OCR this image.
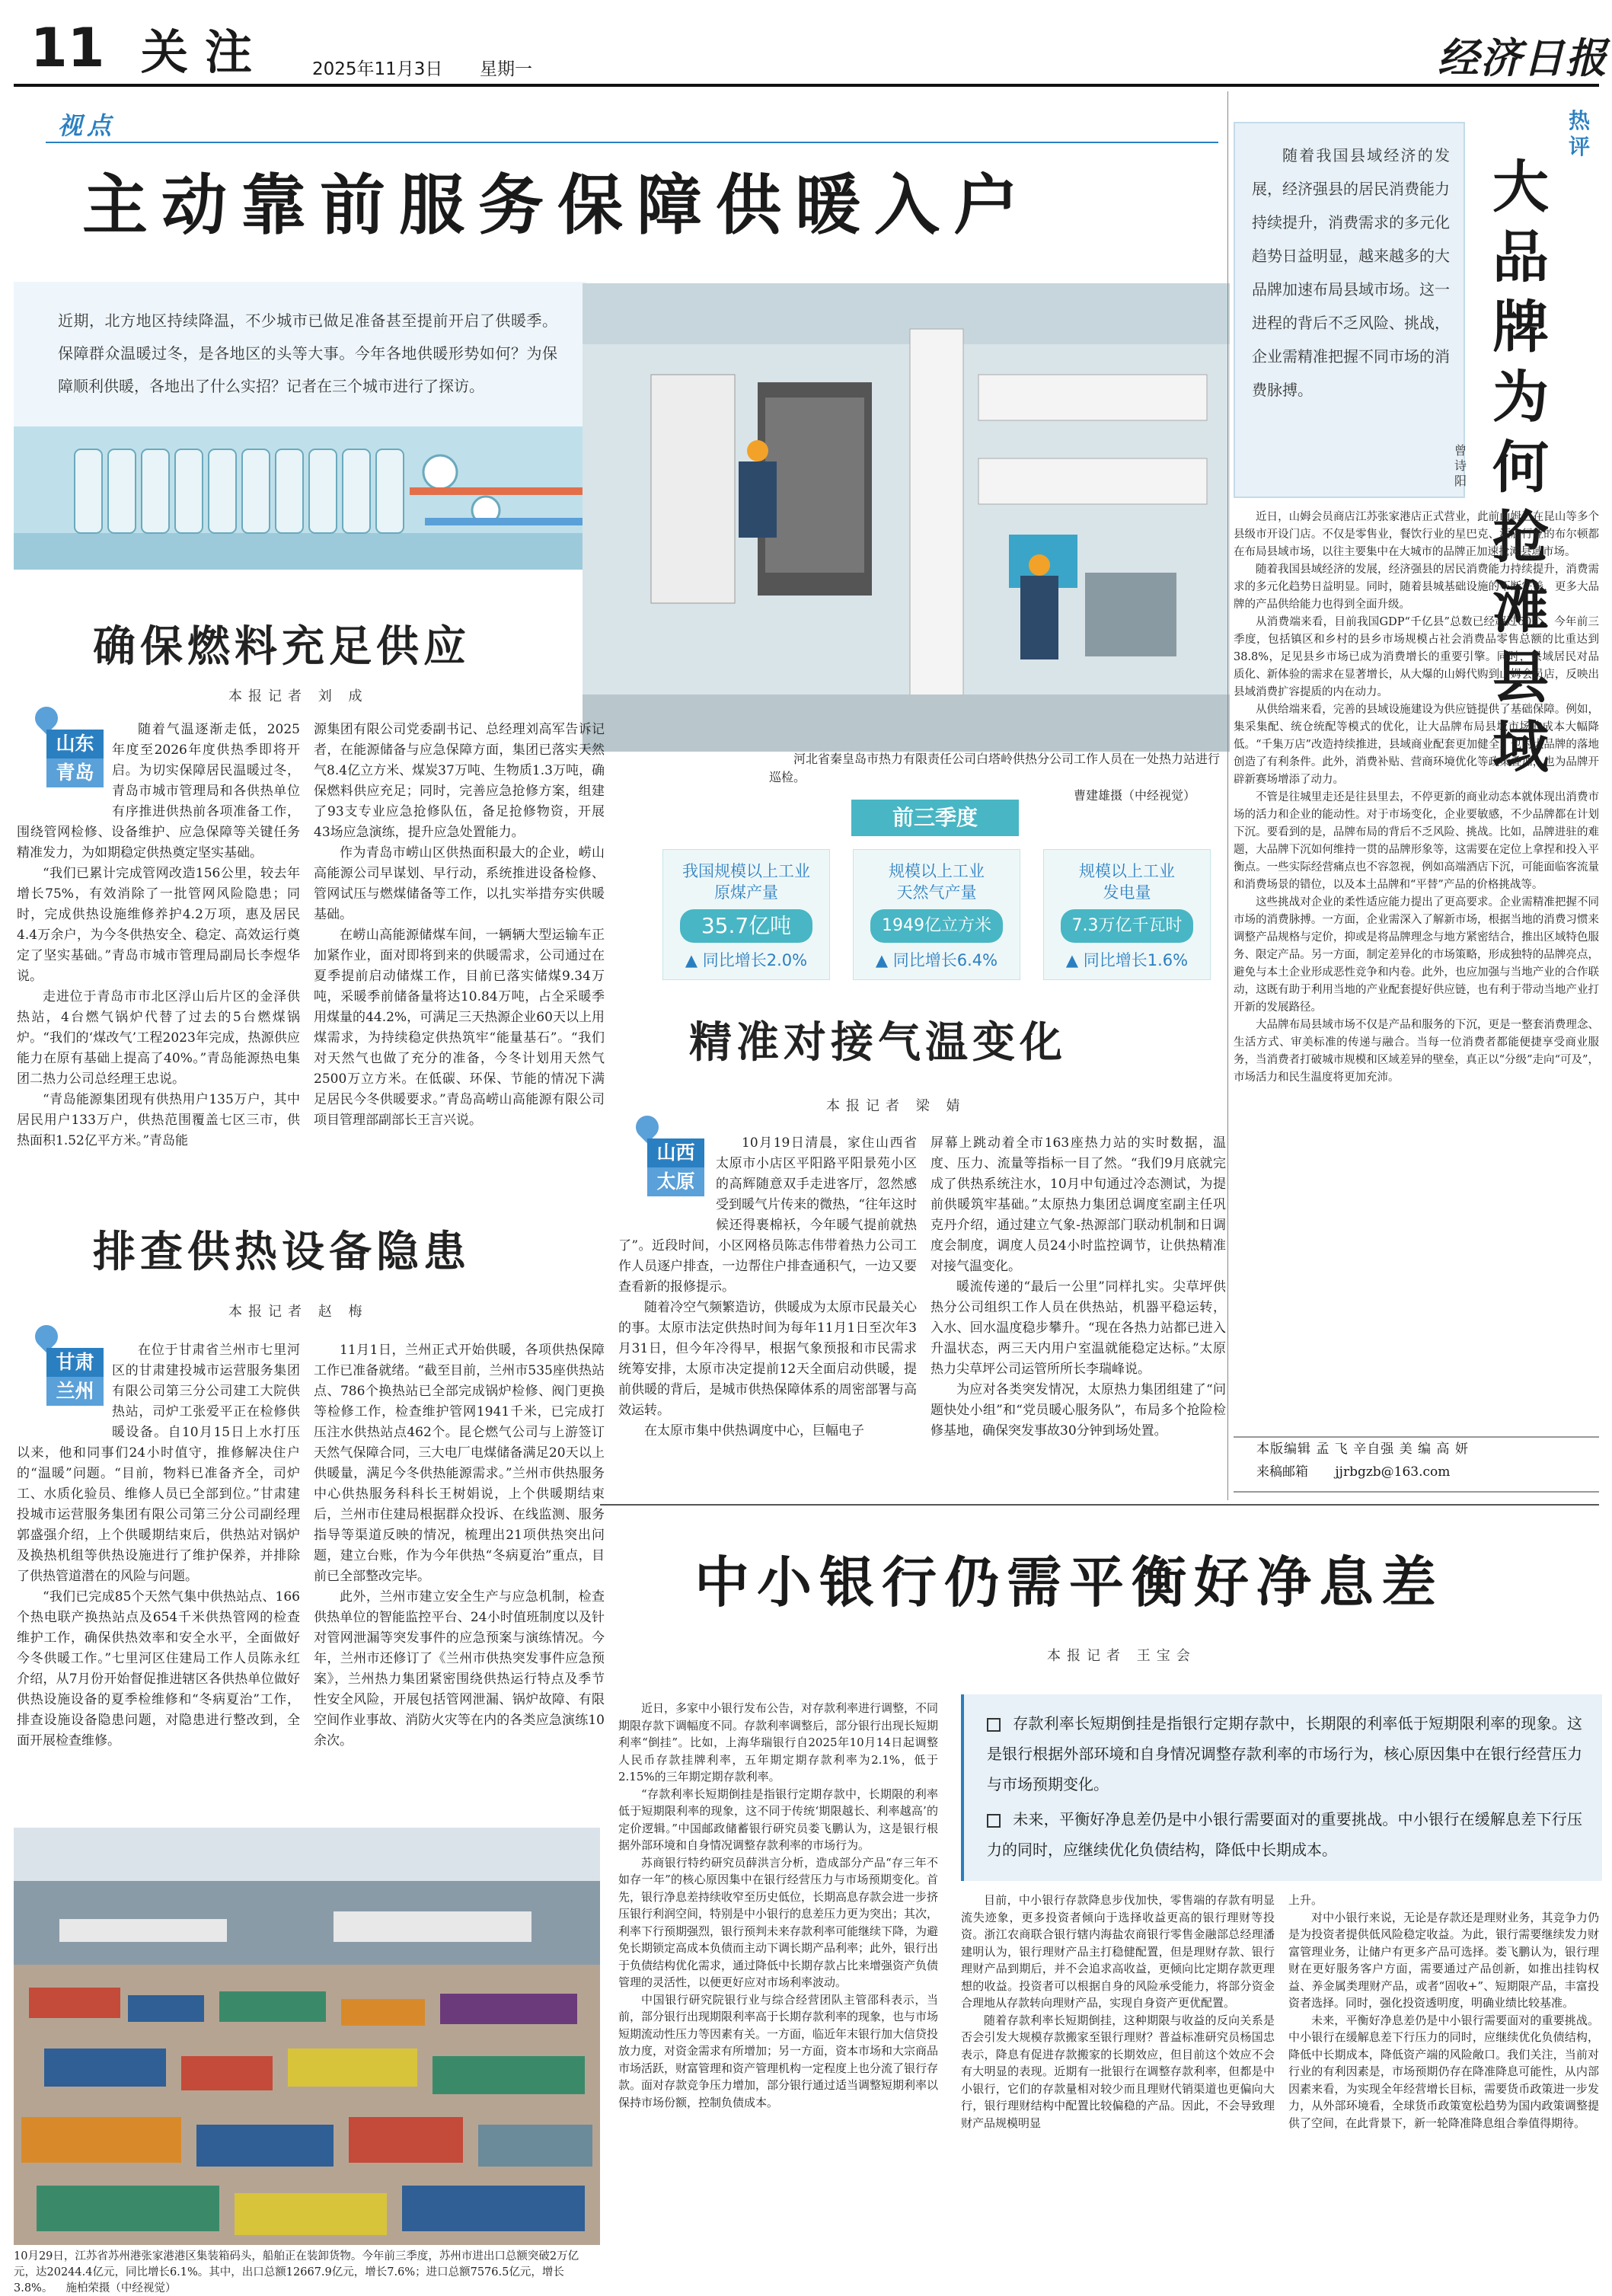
11 关注 2025年11月3日 星期一	经济日报
视点
主动靠前服务保障供暖入户
近期，北方地区持续降温，不少城市已做足准备甚至提前开启了供暖季。保障群众温暖过冬，是各地区的头等大事。今年各地供暖形势如何？为保障顺利供暖，各地出了什么实招？记者在三个城市进行了探访。
河北省秦皇岛市热力有限责任公司白塔岭供热分公司工作人员在一处热力站进行巡检。
曹建雄摄（中经视觉）
确保燃料充足供应
本报记者 刘 成
山东
青岛

随着气温逐渐走低，2025年度至2026年度供热季即将开启。为切实保障居民温暖过冬，青岛市城市管理局和各供热单位有序推进供热前各项准备工作，围绕管网检修、设备维护、应急保障等关键任务精准发力，为如期稳定供热奠定坚实基础。

“我们已累计完成管网改造156公里，较去年增长75%，有效消除了一批管网风险隐患；同时，完成供热设施维修养护4.2万项，惠及居民4.4万余户，为今冬供热安全、稳定、高效运行奠定了坚实基础。”青岛市城市管理局副局长李煜华说。

走进位于青岛市市北区浮山后片区的金泽供热站，4台燃气锅炉代替了过去的5台燃煤锅炉。“我们的‘煤改气’工程2023年完成，热源供应能力在原有基础上提高了40%。”青岛能源热电集团二热力公司总经理王忠说。

“青岛能源集团现有供热用户135万户，其中居民用户133万户，供热范围覆盖七区三市，供热面积1.52亿平方米。”青岛能

源集团有限公司党委副书记、总经理刘高军告诉记者，在能源储备与应急保障方面，集团已落实天然气8.4亿立方米、煤炭37万吨、生物质1.3万吨，确保燃料供应充足；同时，完善应急抢修方案，组建了93支专业应急抢修队伍，备足抢修物资，开展43场应急演练，提升应急处置能力。

作为青岛市崂山区供热面积最大的企业，崂山高能源公司早谋划、早行动，系统推进设备检修、管网试压与燃煤储备等工作，以扎实举措夯实供暖基础。

在崂山高能源储煤车间，一辆辆大型运输车正加紧作业，面对即将到来的供暖需求，公司通过在夏季提前启动储煤工作，目前已落实储煤9.34万吨，采暖季前储备量将达10.84万吨，占全采暖季用煤量的44.2%，可满足三天热源企业60天以上用煤需求，为持续稳定供热筑牢“能量基石”。“我们对天然气也做了充分的准备，今冬计划用天然气2500万立方米。在低碳、环保、节能的情况下满足居民今冬供暖要求。”青岛高崂山高能源有限公司项目管理部副部长王言兴说。

排查供热设备隐患
本报记者 赵 梅
甘肃
兰州

在位于甘肃省兰州市七里河区的甘肃建投城市运营服务集团有限公司第三分公司建工大院供热站，司炉工张爱平正在检修供暖设备。自10月15日上水打压以来，他和同事们24小时值守，推修解决住户的“温暖”问题。“目前，物料已准备齐全，司炉工、水质化验员、维修人员已全部到位。”甘肃建投城市运营服务集团有限公司第三分公司副经理郭盛强介绍，上个供暖期结束后，供热站对锅炉及换热机组等供热设施进行了维护保养，并排除了供热管道潜在的风险与问题。

“我们已完成85个天然气集中供热站点、166个热电联产换热站点及654千米供热管网的检查维护工作，确保供热效率和安全水平，全面做好今冬供暖工作。”七里河区住建局工作人员陈永红介绍，从7月份开始督促推进辖区各供热单位做好供热设施设备的夏季检维修和“冬病夏治”工作，排查设施设备隐患问题，对隐患进行整改到，全面开展检查维修。

11月1日，兰州正式开始供暖，各项供热保障工作已准备就绪。“截至目前，兰州市535座供热站点、786个换热站已全部完成锅炉检修、阀门更换等检修工作，检查维护管网1941千米，已完成打压注水供热站点462个。昆仑燃气公司与上游签订天然气保障合同，三大电厂电煤储备满足20天以上供暖量，满足今冬供热能源需求。”兰州市供热服务中心供热服务科科长王树娟说，上个供暖期结束后，兰州市住建局根据群众投诉、在线监测、服务指导等渠道反映的情况，梳理出21项供热突出问题，建立台账，作为今年供热“冬病夏治”重点，目前已全部整改完毕。

此外，兰州市建立安全生产与应急机制，检查供热单位的智能监控平台、24小时值班制度以及针对管网泄漏等突发事件的应急预案与演练情况。今年，兰州市还修订了《兰州市供热突发事件应急预案》，兰州热力集团紧密围绕供热运行特点及季节性安全风险，开展包括管网泄漏、锅炉故障、有限空间作业事故、消防火灾等在内的各类应急演练10余次。

前三季度
我国规模以上工业
原煤产量
35.7亿吨
▲ 同比增长2.0%
规模以上工业
天然气产量
1949亿立方米
▲ 同比增长6.4%
规模以上工业
发电量
7.3万亿千瓦时
▲ 同比增长1.6%
精准对接气温变化
本报记者 梁 婧
山西
太原

10月19日清晨，家住山西省太原市小店区平阳路平阳景苑小区的高辉随意双手走进客厅，忽然感受到暖气片传来的微热，“往年这时候还得裹棉袄，今年暖气提前就热了”。近段时间，小区网格员陈志伟带着热力公司工作人员逐户排查，一边帮住户排查通积气，一边又要查看新的报修提示。

随着冷空气频繁造访，供暖成为太原市民最关心的事。太原市法定供热时间为每年11月1日至次年3月31日，但今年冷得早，根据气象预报和市民需求统筹安排，太原市决定提前12天全面启动供暖，提前供暖的背后，是城市供热保障体系的周密部署与高效运转。

在太原市集中供热调度中心，巨幅电子

屏幕上跳动着全市163座热力站的实时数据，温度、压力、流量等指标一目了然。“我们9月底就完成了供热系统注水，10月中旬通过冷态测试，为提前供暖筑牢基础。”太原热力集团总调度室副主任巩克丹介绍，通过建立气象-热源部门联动机制和日调度会制度，调度人员24小时监控调节，让供热精准对接气温变化。

暖流传递的“最后一公里”同样扎实。尖草坪供热分公司组织工作人员在供热站，机器平稳运转，入水、回水温度稳步攀升。“现在各热力站都已进入升温状态，两三天内用户室温就能稳定达标。”太原热力尖草坪公司运管所所长李瑞峰说。

为应对各类突发情况，太原热力集团组建了“问题快处小组”和“党员暖心服务队”，布局多个抢险检修基地，确保突发事故30分钟到场处置。

随着我国县域经济的发展，经济强县的居民消费能力持续提升，消费需求的多元化趋势日益明显，越来越多的大品牌加速布局县域市场。这一进程的背后不乏风险、挑战，企业需精准把握不同市场的消费脉搏。
热评
大品牌为何抢滩县域
曾诗阳

近日，山姆会员商店江苏张家港店正式营业，此前山姆已在昆山等多个县级市开设门店。不仅是零售业，餐饮行业的星巴克、酒店行业的布尔顿都在布局县域市场，以往主要集中在大城市的品牌正加速抢滩县域市场。

随着我国县域经济的发展，经济强县的居民消费能力持续提升，消费需求的多元化趋势日益明显。同时，随着县城基础设施的不断完善，更多大品牌的产品供给能力也得到全面升级。

从消费端来看，目前我国GDP“千亿县”总数已经超过60个。今年前三季度，包括镇区和乡村的县乡市场规模占社会消费品零售总额的比重达到38.8%，足见县乡市场已成为消费增长的重要引擎。同时，县域居民对品质化、新体验的需求在显著增长，从大爆的山姆代购到山姆会员店，反映出县域消费扩容提质的内在动力。

从供给端来看，完善的县域设施建设为供应链提供了基础保障。例如，集采集配、统仓统配等模式的优化，让大品牌布局县域市场的成本大幅降低。“千集万店”改造持续推进，县域商业配套更加健全，也为大品牌的落地创造了有利条件。此外，消费补贴、营商环境优化等政策叠加，也为品牌开辟新赛场增添了动力。

不管是往城里走还是往县里去，不停更新的商业动态本就体现出消费市场的活力和企业的能动性。对于市场变化，企业要敏感，不少品牌都在计划下沉。要看到的是，品牌布局的背后不乏风险、挑战。比如，品牌进驻的难题，大品牌下沉如何维持一贯的品牌形象等，这需要在定位上拿捏和投入平衡点。一些实际经营痛点也不容忽视，例如高端酒店下沉，可能面临客流量和消费场景的错位，以及本土品牌和“平替”产品的价格挑战等。

这些挑战对企业的柔性适应能力提出了更高要求。企业需精准把握不同市场的消费脉搏。一方面，企业需深入了解新市场，根据当地的消费习惯来调整产品规格与定价，抑或是将品牌理念与地方紧密结合，推出区域特色服务、限定产品。另一方面，制定差异化的市场策略，形成独特的品牌亮点，避免与本土企业形成恶性竞争和内卷。此外，也应加强与当地产业的合作联动，这既有助于利用当地的产业配套提好供应链，也有利于带动当地产业打开新的发展路径。

大品牌布局县域市场不仅是产品和服务的下沉，更是一整套消费理念、生活方式、审美标准的传递与融合。当每一位消费者都能便捷享受商业服务，当消费者打破城市规模和区域差异的壁垒，真正以“分级”走向“可及”，市场活力和民生温度将更加充沛。

本版编辑 孟 飞 辛自强 美 编 高 妍
来稿邮箱 jjrbgzb@163.com
10月29日，江苏省苏州港张家港港区集装箱码头，船舶正在装卸货物。今年前三季度，苏州市进出口总额突破2万亿元，达20244.4亿元，同比增长6.1%。其中，出口总额12667.9亿元，增长7.6%；进口总额7576.5亿元，增长3.8%。 施柏荣摄（中经视觉）
中小银行仍需平衡好净息差
本报记者 王宝会
存款利率长短期倒挂是指银行定期存款中，长期限的利率低于短期限利率的现象。这是银行根据外部环境和自身情况调整存款利率的市场行为，核心原因集中在银行经营压力与市场预期变化。
未来，平衡好净息差仍是中小银行需要面对的重要挑战。中小银行在缓解息差下行压力的同时，应继续优化负债结构，降低中长期成本。

近日，多家中小银行发布公告，对存款利率进行调整，不同期限存款下调幅度不同。存款利率调整后，部分银行出现长短期利率“倒挂”。比如，上海华瑞银行自2025年10月14日起调整人民币存款挂牌利率，五年期定期存款利率为2.1%，低于2.15%的三年期定期存款利率。

“存款利率长短期倒挂是指银行定期存款中，长期限的利率低于短期限利率的现象，这不同于传统‘期限越长、利率越高’的定价逻辑。”中国邮政储蓄银行研究员娄飞鹏认为，这是银行根据外部环境和自身情况调整存款利率的市场行为。

苏商银行特约研究员薛洪言分析，造成部分产品“存三年不如存一年”的核心原因集中在银行经营压力与市场预期变化。首先，银行净息差持续收窄至历史低位，长期高息存款会进一步挤压银行利润空间，特别是中小银行的息差压力更为突出；其次，利率下行预期强烈，银行预判未来存款利率可能继续下降，为避免长期锁定高成本负债而主动下调长期产品利率；此外，银行出于负债结构优化需求，通过降低中长期存款占比来增强资产负债管理的灵活性，以便更好应对市场利率波动。

中国银行研究院银行业与综合经营团队主管邵科表示，当前，部分银行出现期限利率高于长期存款利率的现象，也与市场短期流动性压力等因素有关。一方面，临近年末银行加大信贷投放力度，对资金需求有所增加；另一方面，资本市场和大宗商品市场活跃，财富管理和资产管理机构一定程度上也分流了银行存款。面对存款竞争压力增加，部分银行通过适当调整短期利率以保持市场份额，控制负债成本。

目前，中小银行存款降息步伐加快，零售端的存款有明显流失迹象，更多投资者倾向于选择收益更高的银行理财等投资。浙江农商联合银行辖内海盐农商银行零售金融部总经理潘建明认为，银行理财产品主打稳健配置，但是理财存款、银行理财产品到期后，并不会追求高收益，更倾向比定期存款更理想的收益。投资者可以根据自身的风险承受能力，将部分资金合理地从存款转向理财产品，实现自身资产更优配置。

随着存款利率长短期倒挂，这种期限与收益的反向关系是否会引发大规模存款搬家至银行理财？普益标准研究员杨国忠表示，降息有促进存款搬家的长期效应，但目前这个效应不会有大明显的表现。近期有一批银行在调整存款利率，但都是中小银行，它们的存款量相对较少而且理财代销渠道也更偏向大行，银行理财结构中配置比较偏稳的产品。因此，不会导致理财产品规模明显

上升。

对中小银行来说，无论是存款还是理财业务，其竞争力仍是为投资者提供低风险稳定收益。为此，银行需要继续发力财富管理业务，让储户有更多产品可选择。娄飞鹏认为，银行理财在更好服务客户方面，需要通过产品创新，如推出挂钩权益、养金属类理财产品，或者“固收+”、短期限产品，丰富投资者选择。同时，强化投资透明度，明确业绩比较基准。

未来，平衡好净息差仍是中小银行需要面对的重要挑战。中小银行在缓解息差下行压力的同时，应继续优化负债结构，降低中长期成本，降低资产端的风险敞口。我们关注，当前对行业的有利因素是，市场预期仍存在降准降息可能性，从内部因素来看，为实现全年经营增长目标，需要货币政策进一步发力，从外部环境看，全球货币政策宽松趋势为国内政策调整提供了空间，在此背景下，新一轮降准降息组合拳值得期待。
